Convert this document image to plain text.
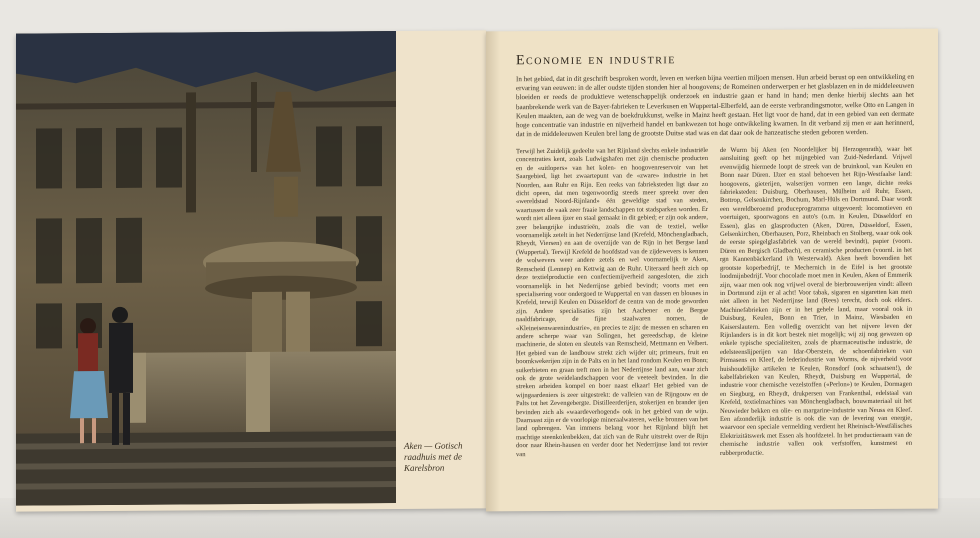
Aken — Gotisch raadhuis met de Karelsbron
Economie en industrie
In het gebied, dat in dit geschrift besproken wordt, leven en werken bijna veertien miljoen mensen. Hun arbeid berust op een ontwikkeling en ervaring van eeuwen: in de aller oudste tijden stonden hier al hoogovens; de Romeinen onderwerpen er het glasblazen en in de middeleeuwen bloeiden er reeds de produktieve wetenschappelijk onderzoek en industrie gaan er hand in hand; men denke hierbij slechts aan het baanbrekende werk van de Bayer-fabrieken te Leverkusen en Wuppertal-Elberfeld, aan de eerste verbrandingsmotor, welke Otto en Langen in Keulen maakten, aan de weg van de boekdrukkunst, welke in Mainz heeft gestaan. Het ligt voor de hand, dat in een gebied van een dermate hoge concentratie van industrie en nijverheid handel en bankwezen tot hoge ontwikkeling kwamen. In dit verband zij men er aan herinnerd, dat in de middeleeuwen Keulen brel lang de grootste Duitse stad was en dat daar ook de hanzeatische steden geboren werden.
Terwijl het Zuidelijk gedeelte van het Rijnland slechts enkele industriële concentraties kent, zoals Ludwigshafen met zijn chemische producten en de «uitlopers» van het kolen- en hoogovenreservoir van het Saargebied, ligt het zwaartepunt van de «zware» industrie in het Noorden, aan Ruhr en Rijn. Een reeks van fabrieksteden ligt daar zo dicht opeen, dat men tegenwoordig steeds meer spreekt over den «wereldstad Noord-Rijnland» één geweldige stad van steden, waartussen de vaak zeer fraaie landschappen tot stadsparken worden. Er wordt niet alleen ijzer en staal gemaakt in dit gebied; er zijn ook andere, zeer belangrijke industrieën, zoals die van de textiel, welke voornamelijk zetelt in het Nederrijnse land (Krefeld, Mönchengladbach, Rheydt, Viersen) en aan de overzijde van de Rijn in het Bergse land (Wuppertal). Terwijl Krefeld de hoofdstad van de zijdewevers is kennen de wolwevers weer andere zetels en wel voornamelijk te Aken, Remscheid (Lennep) en Kettwig aan de Ruhr. Uiteraard heeft zich op deze textielproductie een confectiemijverheid aangesloten, die zich voornamelijk in het Nederrijnse gebied bevindt; voorts met een specialisering voor ondergoed te Wuppertal en van dassen en blouses in Krefeld, terwijl Keulen en Düsseldorf de centra van de mode geworden zijn. Andere specialisaties zijn het Aachener en de Bergse naaldfabricage, de fijne staalwaren nomen, de «Kleineisenwarenindustrie», en precies te zijn: de messen en scharen en andere scherpe waar van Solingen, het gereedschap, de kleine machinerie, de sloten en sleutels van Remscheid, Mettmann en Velbert. Het gebied van de landbouw strekt zich wijder uit; primeurs, fruit en boomkwekerijen zijn in de Palts en in het land rondom Keulen en Bonn; suikerbieten en graan treft men in het Nederrijnse land aan, waar zich ook de grote weidelandschappen voor de veeteelt bevinden. In die streken arbeiden kompel en boer naast elkaar! Het gebied van de wijngaardeniers is zeer uitgestrekt: de valleien van de Rijngouw en de Palts tot het Zevengebergte. Distilleerderijen, stokerijen en brander ijen bevinden zich als «waardeverhogend» ook in het gebied van de wijn. Daarnaast zijn er de voorlopige mineraalwateren, welke bronnen van het land opbrengen. Van immens belang voor het Rijnland blijft het machtige steenkolenbekken, dat zich van de Ruhr uitstrekt over de Rijn door naar Rhein-hausen en verder door het Nederrijnse land tot revier van
de Wurm bij Aken (en Noordelijker bij Herzogenrath), waar het aansluiting geeft op het mijngebied van Zuid-Nederland. Vrijwel evenwijdig hiermede loopt de streek van de bruinkool, van Keulen en Bonn naar Düren. IJzer en staal behoeven het Rijn-Westfaalse land: hoogovens, gieterijen, walserijen vormen een lange, dichte reeks fabrieksteden: Duisburg, Oberhausen, Mülheim a/d Ruhr, Essen, Bottrop, Gelsenkirchen, Bochum, Marl-Hüls en Dortmund. Daar wordt een wereldberoemd produceprogramma uitgevoerd: locomotieven en voertuigen, spoorwagons en auto's (o.m. in Keulen, Düsseldorf en Essen), glas en glasproducten (Aken, Düren, Düsseldorf, Essen, Gelsenkirchen, Oberhausen, Porz, Rheinbach en Stolberg, waar ook ook de eerste spiegelglasfabriek van de wereld bevindt), papier (voorn. Düren en Bergisch Gladbach), en ceramische producten (voornl. in het rgn Kannenbäckerland i/h Westerwald). Aken heeft bovendien het grootste koperbedrijf, te Mechernich in de Eifel is het grootste loodmijnbedrijf. Voor chocolade moet men in Keulen, Aken of Emmerik zijn, waar men ook nog vrijwel overal de bierbrouwerijen vindt: alleen in Dortmund zijn er al acht! Voor tabak, sigaren en sigaretten kan men niet alleen in het Nederrijnse land (Rees) terecht, doch ook elders. Machinefabrieken zijn er in het gehele land, maar vooral ook in Duisburg, Keulen, Bonn en Trier, in Mainz, Wiesbaden en Kaiserslautern. Een volledig overzicht van het nijvere leven der Rijnlanders is in dit kort bestek niet mogelijk; wij zij nog gewezen op enkele typische specialiteiten, zoals de pharmaceutische industrie, de edelsteenslijperijen van Idar-Oberstein, de schoenfabrieken van Pirmasens en Kleef, de lederindustrie van Worms, de nijverheid voor huishoudelijke artikelen te Keulen, Ronsdorf (ook schaatsen!), de kabelfabrieken van Keulen, Rheydt, Duisburg en Wuppertal, de industrie voor chemische vezelstoffen («Perlon») te Keulen, Dormagen en Siegburg, en Rheydt, drukpersen van Frankenthal, edelstaal van Krefeld, textielmachines van Mönchengladbach, bouwmateriaal uit het Neuwieder bekken en olie- en margarine-industrie van Neuss en Kleef. Een afzonderlijk industrie is ook die van de levering van energie, waarvoor een speciale vermelding verdient het Rheinisch-Westfälisches Elektrizitätswerk met Essen als hoofdzetel. In het productieraam van de chemische industrie vallen ook verfstoffen, kunstmest en rubberproductie.
